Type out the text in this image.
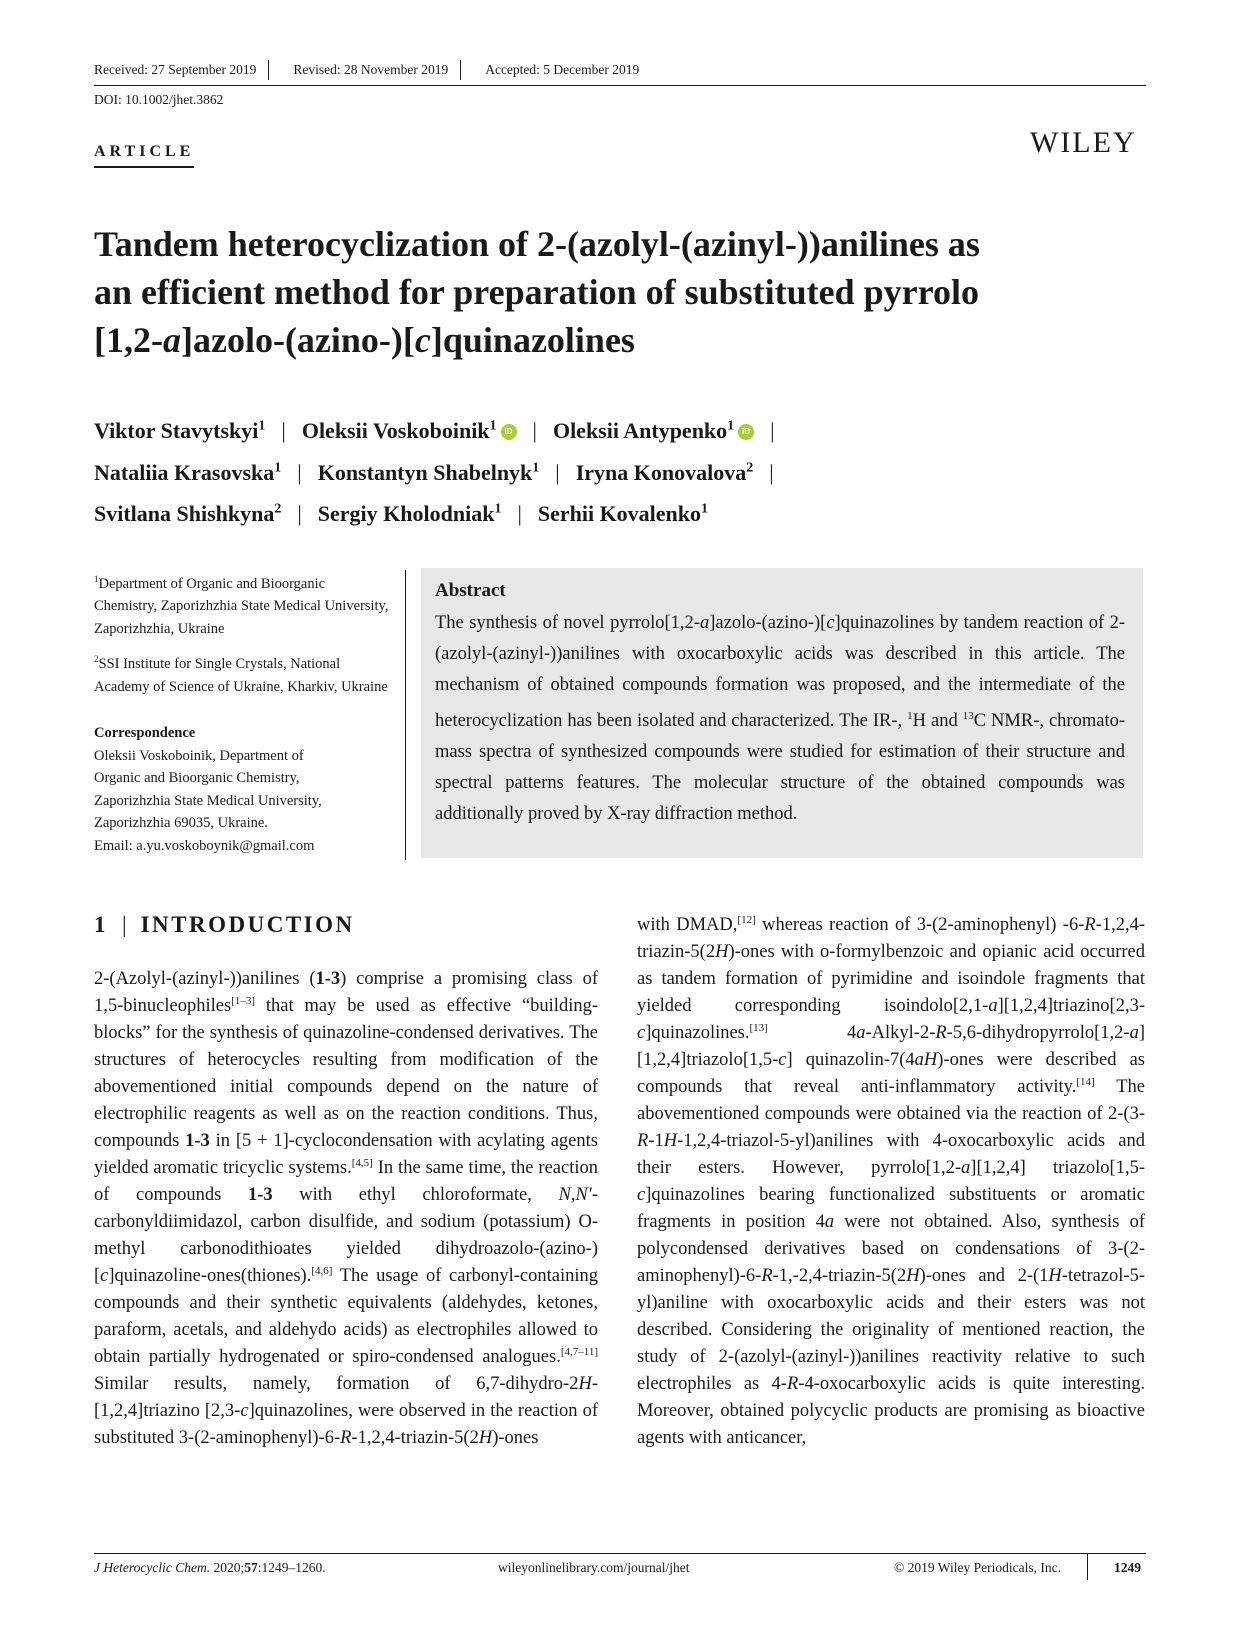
Received: 27 September 2019	Revised: 28 November 2019	Accepted: 5 December 2019
DOI: 10.1002/jhet.3862
ARTICLE	WILEY
Tandem heterocyclization of 2-(azolyl-(azinyl-))anilines as
an efficient method for preparation of substituted pyrrolo
[1,2-a]azolo-(azino-)[c]quinazolines
Viktor Stavytskyi$^1$ | Oleksii Voskoboinik$^1$ iD | Oleksii Antypenko$^1$ iD |
Nataliia Krasovska$^1$ | Konstantyn Shabelnyk$^1$ | Iryna Konovalova$^2$ |
Svitlana Shishkyna$^2$ | Sergiy Kholodniak$^1$ | Serhii Kovalenko$^1$

$^1$Department of Organic and Bioorganic Chemistry, Zaporizhzhia State Medical University, Zaporizhzhia, Ukraine

$^2$SSI Institute for Single Crystals, National Academy of Science of Ukraine, Kharkiv, Ukraine

Correspondence
Oleksii Voskoboinik, Department of
Organic and Bioorganic Chemistry,
Zaporizhzhia State Medical University,
Zaporizhzhia 69035, Ukraine.
Email: a.yu.voskoboynik@gmail.com
Abstract
The synthesis of novel pyrrolo[1,2-a]azolo-(azino-)[c]quinazolines by tandem reaction of 2-(azolyl-(azinyl-))anilines with oxocarboxylic acids was described in this article. The mechanism of obtained compounds formation was proposed, and the intermediate of the heterocyclization has been isolated and characterized. The IR-, $^1$H and $^{13}$C NMR-, chromato-mass spectra of synthesized compounds were studied for estimation of their structure and spectral patterns features. The molecular structure of the obtained compounds was additionally proved by X-ray diffraction method.
1 | INTRODUCTION
2-(Azolyl-(azinyl-))anilines (1-3) comprise a promising class of 1,5-binucleophiles[1–3] that may be used as effective “building-blocks” for the synthesis of quinazoline-condensed derivatives. The structures of heterocycles resulting from modification of the abovementioned initial compounds depend on the nature of electrophilic reagents as well as on the reaction conditions. Thus, compounds 1-3 in [5 + 1]-cyclocondensation with acylating agents yielded aromatic tricyclic systems.[4,5] In the same time, the reaction of compounds 1-3 with ethyl chloroformate, N,N′-carbonyldiimidazol, carbon disulfide, and sodium (potassium) O-methyl carbonodithioates yielded dihydroazolo-(azino-)[c]quinazoline-ones(thiones).[4,6] The usage of carbonyl-containing compounds and their synthetic equivalents (aldehydes, ketones, paraform, acetals, and aldehydo acids) as electrophiles allowed to obtain partially hydrogenated or spiro-condensed analogues.[4,7–11] Similar results, namely, formation of 6,7-dihydro-2H-[1,2,4]triazino [2,3-c]quinazolines, were observed in the reaction of substituted 3-(2-aminophenyl)-6-R-1,2,4-triazin-5(2H)-ones
with DMAD,[12] whereas reaction of 3-(2-aminophenyl) -6-R-1,2,4-triazin-5(2H)-ones with o-formylbenzoic and opianic acid occurred as tandem formation of pyrimidine and isoindole fragments that yielded corresponding isoindolo[2,1-a][1,2,4]triazino[2,3-c]quinazolines.[13] 4a-Alkyl-2-R-5,6-dihydropyrrolo[1,2-a][1,2,4]triazolo[1,5-c] quinazolin-7(4aH)-ones were described as compounds that reveal anti-inflammatory activity.[14] The abovementioned compounds were obtained via the reaction of 2-(3-R-1H-1,2,4-triazol-5-yl)anilines with 4-oxocarboxylic acids and their esters. However, pyrrolo[1,2-a][1,2,4] triazolo[1,5-c]quinazolines bearing functionalized substituents or aromatic fragments in position 4a were not obtained. Also, synthesis of polycondensed derivatives based on condensations of 3-(2-aminophenyl)-6-R-1,-2,4-triazin-5(2H)-ones and 2-(1H-tetrazol-5-yl)aniline with oxocarboxylic acids and their esters was not described. Considering the originality of mentioned reaction, the study of 2-(azolyl-(azinyl-))anilines reactivity relative to such electrophiles as 4-R-4-oxocarboxylic acids is quite interesting. Moreover, obtained polycyclic products are promising as bioactive agents with anticancer,
J Heterocyclic Chem. 2020;57:1249–1260.	wileyonlinelibrary.com/journal/jhet	© 2019 Wiley Periodicals, Inc.	1249
